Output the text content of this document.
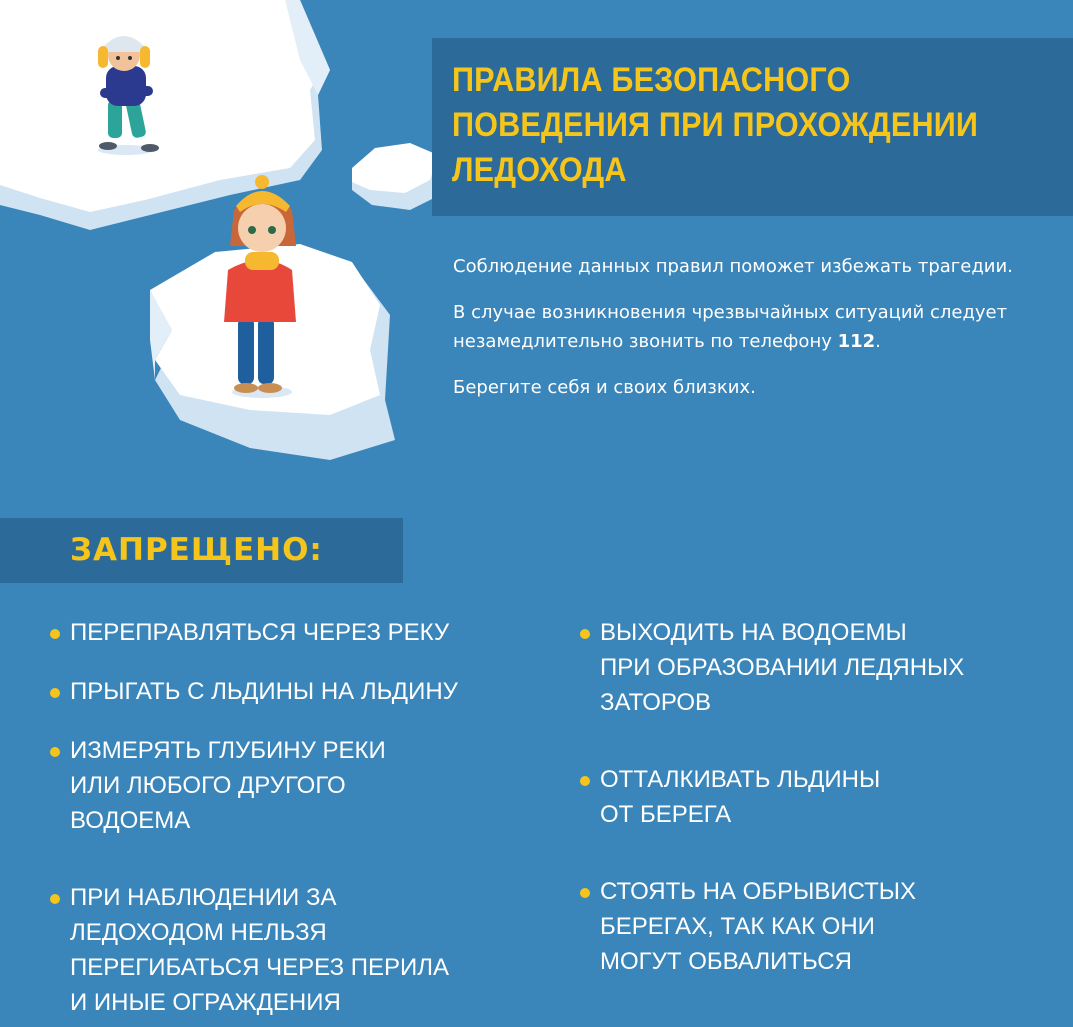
ПРАВИЛА БЕЗОПАСНОГО
ПОВЕДЕНИЯ ПРИ ПРОХОЖДЕНИИ
ЛЕДОХОДА

Соблюдение данных правил поможет избежать трагедии.

В случае возникновения чрезвычайных ситуаций следует незамедлительно звонить по телефону 112.

Берегите себя и своих близких.

ЗАПРЕЩЕНО:
ПЕРЕПРАВЛЯТЬСЯ ЧЕРЕЗ РЕКУ
ПРЫГАТЬ С ЛЬДИНЫ НА ЛЬДИНУ
ИЗМЕРЯТЬ ГЛУБИНУ РЕКИ
ИЛИ ЛЮБОГО ДРУГОГО
ВОДОЕМА
ПРИ НАБЛЮДЕНИИ ЗА
ЛЕДОХОДОМ НЕЛЬЗЯ
ПЕРЕГИБАТЬСЯ ЧЕРЕЗ ПЕРИЛА
И ИНЫЕ ОГРАЖДЕНИЯ
ВЫХОДИТЬ НА ВОДОЕМЫ
ПРИ ОБРАЗОВАНИИ ЛЕДЯНЫХ
ЗАТОРОВ
ОТТАЛКИВАТЬ ЛЬДИНЫ
ОТ БЕРЕГА
СТОЯТЬ НА ОБРЫВИСТЫХ
БЕРЕГАХ, ТАК КАК ОНИ
МОГУТ ОБВАЛИТЬСЯ
